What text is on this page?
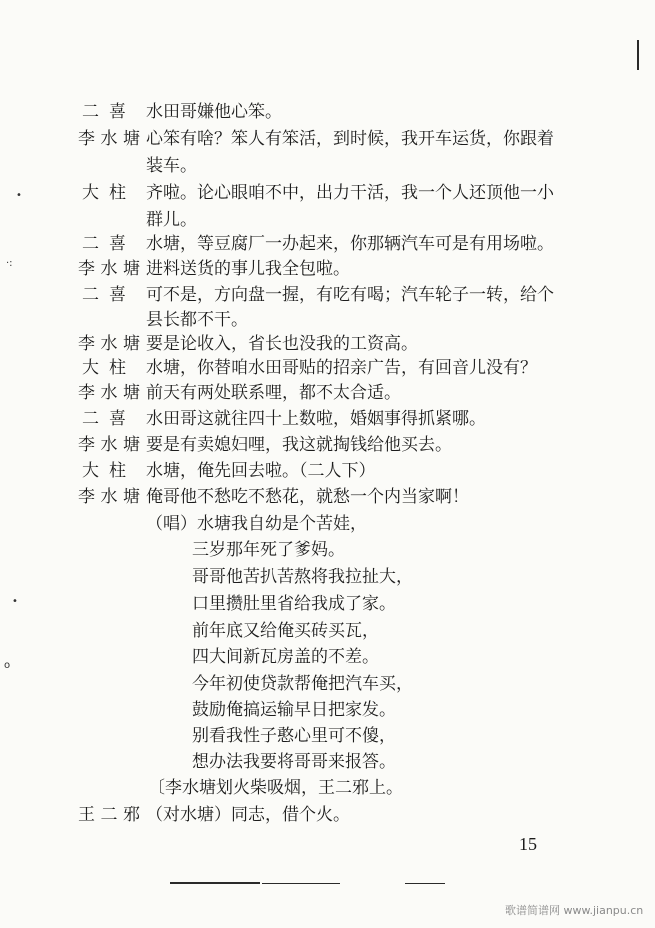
二 喜 水田哥嫌他心笨。
李水塘 心笨有啥？笨人有笨活，到时候，我开车运货，你跟着
装车。
大 柱 齐啦。论心眼咱不中，出力干活，我一个人还顶他一小
群儿。
二 喜 水塘，等豆腐厂一办起来，你那辆汽车可是有用场啦。
李水塘 进料送货的事儿我全包啦。
二 喜 可不是，方向盘一握，有吃有喝；汽车轮子一转，给个
县长都不干。
李水塘 要是论收入，省长也没我的工资高。
大 柱 水塘，你替咱水田哥贴的招亲广告，有回音儿没有？
李水塘 前天有两处联系哩，都不太合适。
二 喜 水田哥这就往四十上数啦，婚姻事得抓紧哪。
李水塘 要是有卖媳妇哩，我这就掏钱给他买去。
大 柱 水塘，俺先回去啦。（二人下）
李水塘 俺哥他不愁吃不愁花，就愁一个内当家啊！
（唱）水塘我自幼是个苦娃，
三岁那年死了爹妈。
哥哥他苦扒苦熬将我拉扯大，
口里攒肚里省给我成了家。
前年底又给俺买砖买瓦，
四大间新瓦房盖的不差。
今年初使贷款帮俺把汽车买，
鼓励俺搞运输早日把家发。
别看我性子憨心里可不傻，
想办法我要将哥哥来报答。
〔李水塘划火柴吸烟，王二邪上。
王二邪 （对水塘）同志，借个火。
15
•
·:
•
o
歌谱简谱网 www.jianpu.cn
